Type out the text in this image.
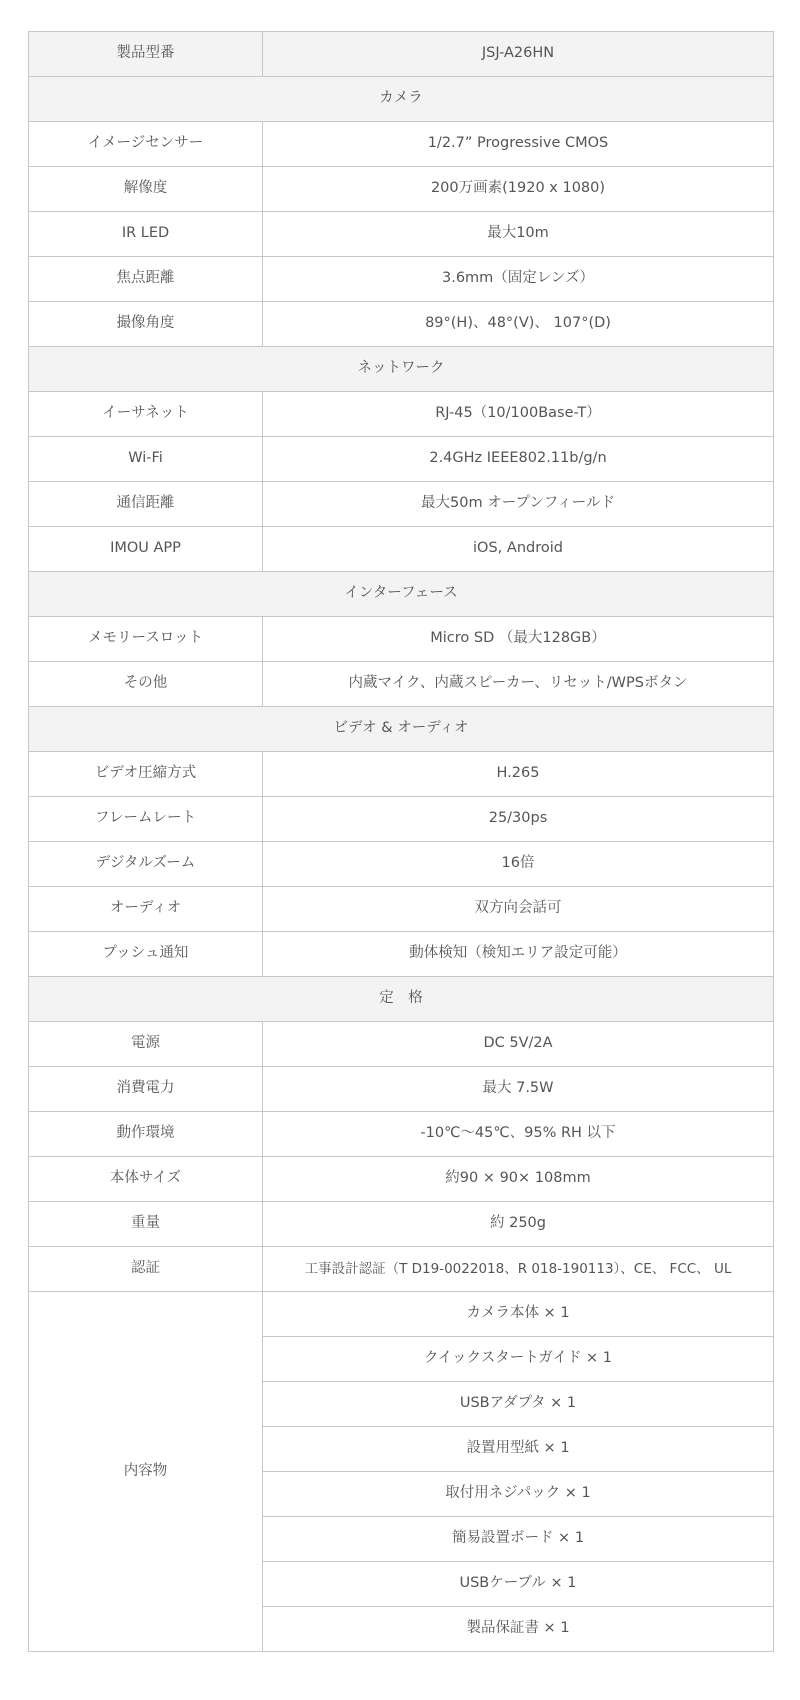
製品型番	JSJ-A26HN
カメラ	
イメージセンサー	1/2.7” Progressive CMOS
解像度	200万画素(1920 x 1080)
IR LED	最大10m
焦点距離	3.6mm（固定レンズ）
撮像角度	89°(H)、48°(V)、 107°(D)
ネットワーク	
イーサネット	RJ-45（10/100Base-T）
Wi-Fi	2.4GHz IEEE802.11b/g/n
通信距離	最大50m オープンフィールド
IMOU APP	iOS, Android
インターフェース	
メモリースロット	Micro SD （最大128GB）
その他	内蔵マイク、内蔵スピーカー、リセット/WPSボタン
ビデオ & オーディオ	
ビデオ圧縮方式	H.265
フレームレート	25/30ps
デジタルズーム	16倍
オーディオ	双方向会話可
プッシュ通知	動体検知（検知エリア設定可能）
定　格	
電源	DC 5V/2A
消費電力	最大 7.5W
動作環境	-10℃～45℃、95% RH 以下
本体サイズ	約90 × 90× 108mm
重量	約 250g
認証	工事設計認証（T D19-0022018、R 018-190113）、CE、 FCC、 UL
内容物	カメラ本体 × 1
	クイックスタートガイド × 1
	USBアダプタ × 1
	設置用型紙 × 1
	取付用ネジパック × 1
	簡易設置ボード × 1
	USBケーブル × 1
	製品保証書 × 1
